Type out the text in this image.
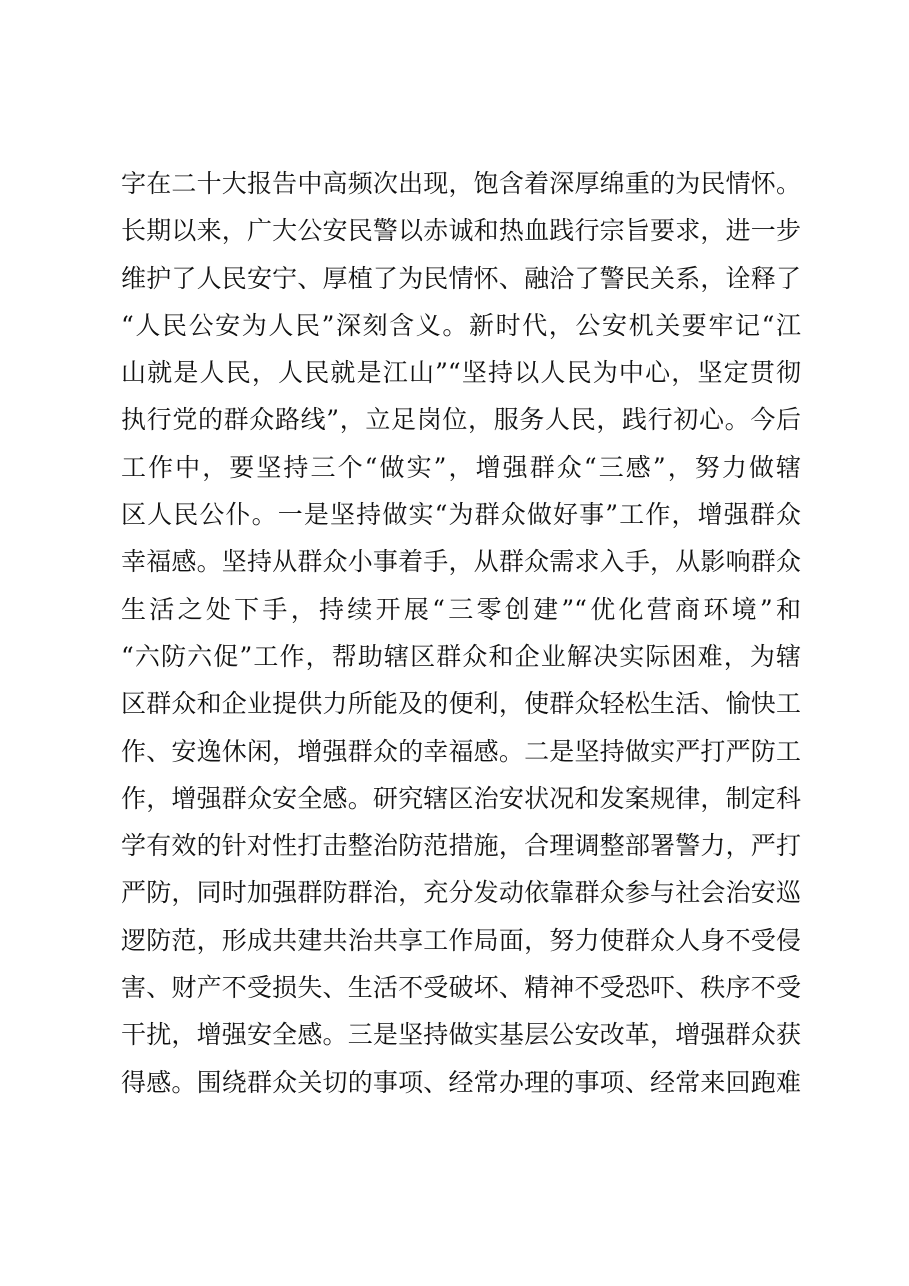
字在二十大报告中高频次出现，饱含着深厚绵重的为民情怀。
长期以来，广大公安民警以赤诚和热血践行宗旨要求，进一步
维护了人民安宁、厚植了为民情怀、融洽了警民关系，诠释了
“人民公安为人民”深刻含义。新时代，公安机关要牢记“江
山就是人民，人民就是江山”“坚持以人民为中心，坚定贯彻
执行党的群众路线”，立足岗位，服务人民，践行初心。今后
工作中，要坚持三个“做实”，增强群众“三感”，努力做辖
区人民公仆。一是坚持做实“为群众做好事”工作，增强群众
幸福感。坚持从群众小事着手，从群众需求入手，从影响群众
生活之处下手，持续开展“三零创建”“优化营商环境”和
“六防六促”工作，帮助辖区群众和企业解决实际困难，为辖
区群众和企业提供力所能及的便利，使群众轻松生活、愉快工
作、安逸休闲，增强群众的幸福感。二是坚持做实严打严防工
作，增强群众安全感。研究辖区治安状况和发案规律，制定科
学有效的针对性打击整治防范措施，合理调整部署警力，严打
严防，同时加强群防群治，充分发动依靠群众参与社会治安巡
逻防范，形成共建共治共享工作局面，努力使群众人身不受侵
害、财产不受损失、生活不受破坏、精神不受恐吓、秩序不受
干扰，增强安全感。三是坚持做实基层公安改革，增强群众获
得感。围绕群众关切的事项、经常办理的事项、经常来回跑难
